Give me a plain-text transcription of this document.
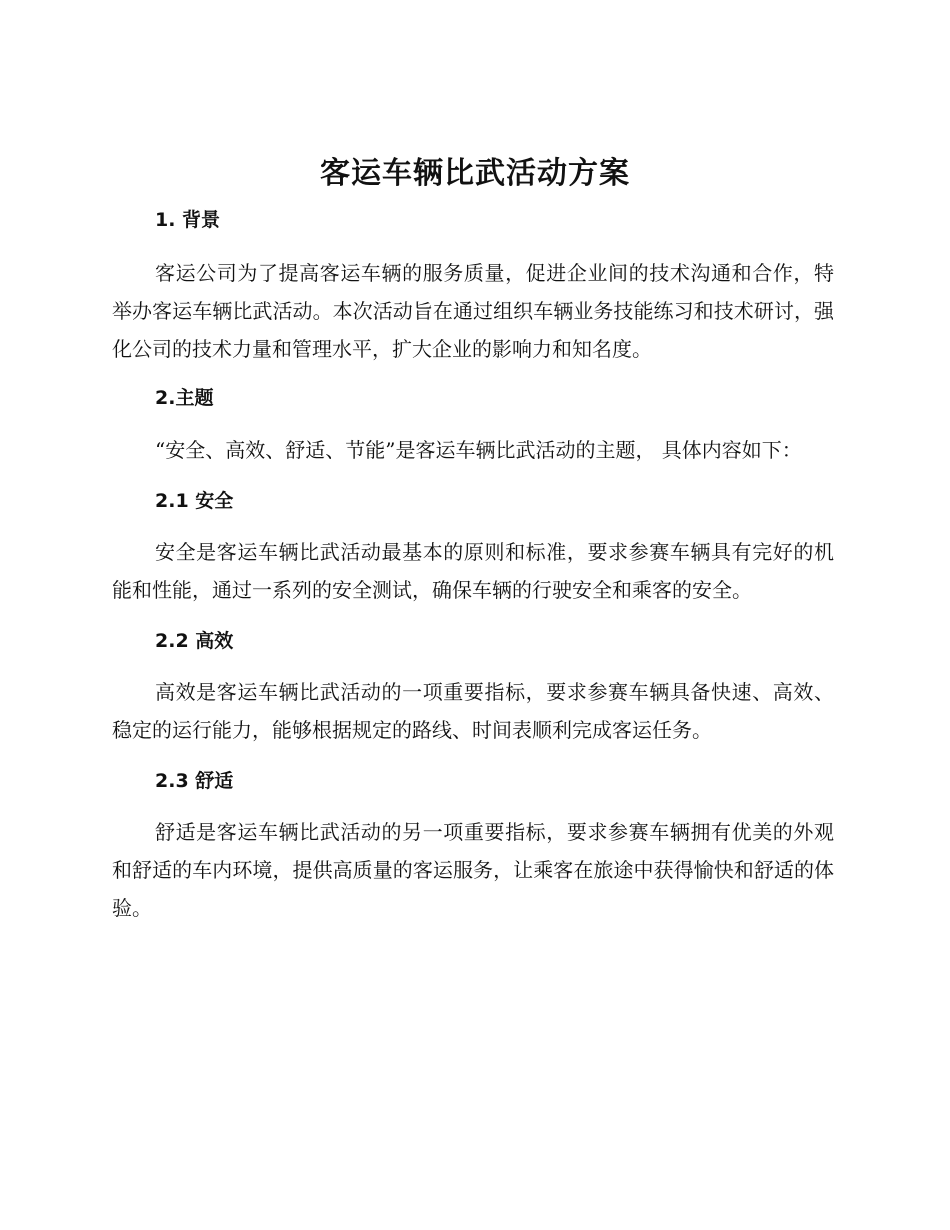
客运车辆比武活动方案

1. 背景

客运公司为了提高客运车辆的服务质量，促进企业间的技术沟通和合作，特举办客运车辆比武活动。本次活动旨在通过组织车辆业务技能练习和技术研讨，强化公司的技术力量和管理水平，扩大企业的影响力和知名度。

2.主题

“安全、高效、舒适、节能”是客运车辆比武活动的主题， 具体内容如下：

2.1 安全

安全是客运车辆比武活动最基本的原则和标准，要求参赛车辆具有完好的机能和性能，通过一系列的安全测试，确保车辆的行驶安全和乘客的安全。

2.2 高效

高效是客运车辆比武活动的一项重要指标，要求参赛车辆具备快速、高效、稳定的运行能力，能够根据规定的路线、时间表顺利完成客运任务。

2.3 舒适

舒适是客运车辆比武活动的另一项重要指标，要求参赛车辆拥有优美的外观和舒适的车内环境，提供高质量的客运服务，让乘客在旅途中获得愉快和舒适的体验。
